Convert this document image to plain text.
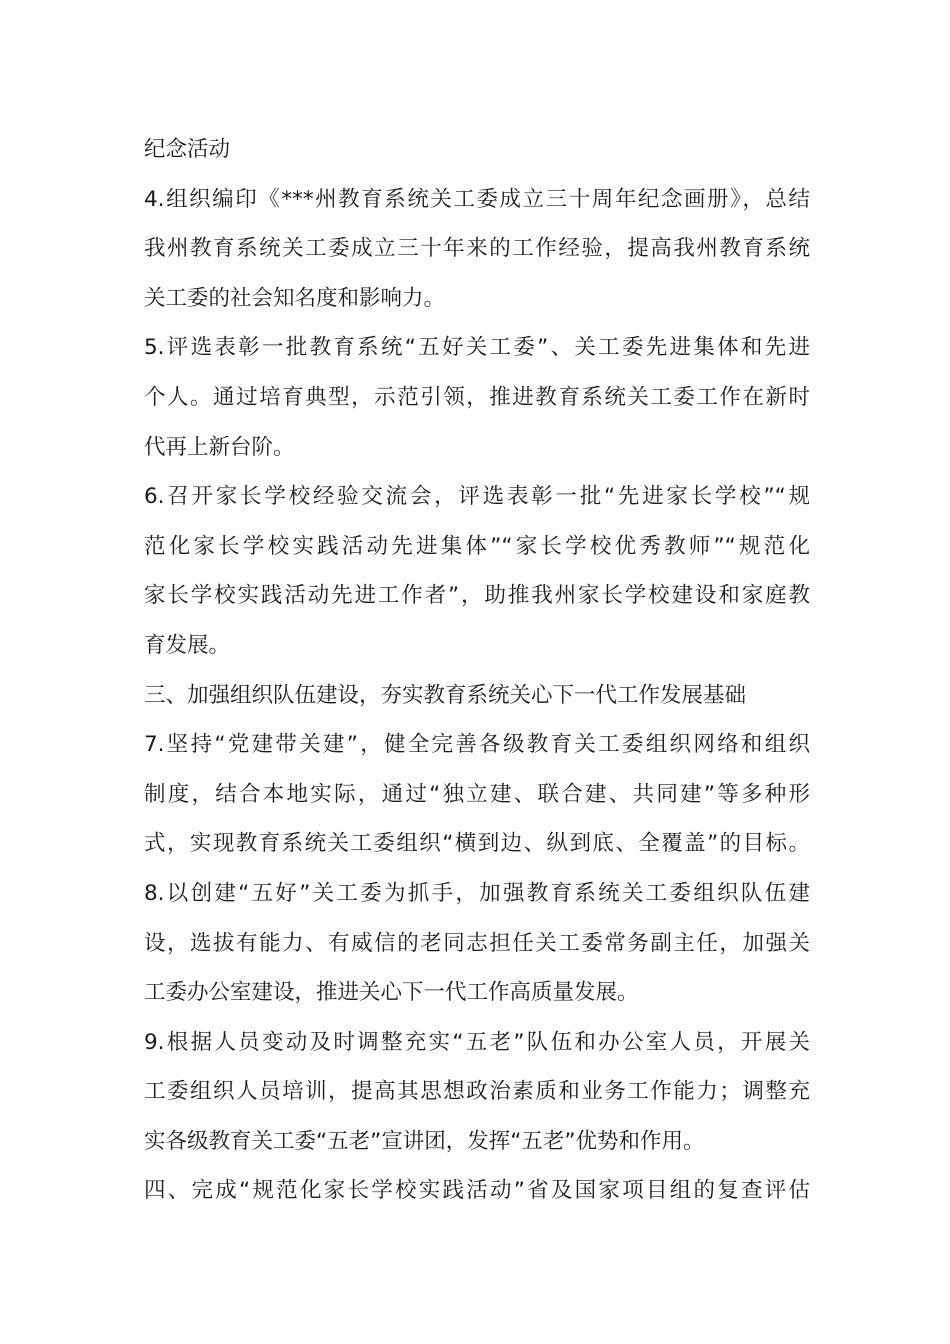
纪念活动
4.组织编印《***州教育系统关工委成立三十周年纪念画册》，总结
我州教育系统关工委成立三十年来的工作经验，提高我州教育系统
关工委的社会知名度和影响力。
5.评选表彰一批教育系统“五好关工委”、关工委先进集体和先进
个人。通过培育典型，示范引领，推进教育系统关工委工作在新时
代再上新台阶。
6.召开家长学校经验交流会，评选表彰一批“先进家长学校”“规
范化家长学校实践活动先进集体”“家长学校优秀教师”“规范化
家长学校实践活动先进工作者”，助推我州家长学校建设和家庭教
育发展。
三、加强组织队伍建设，夯实教育系统关心下一代工作发展基础
7.坚持“党建带关建”，健全完善各级教育关工委组织网络和组织
制度，结合本地实际，通过“独立建、联合建、共同建”等多种形
式，实现教育系统关工委组织“横到边、纵到底、全覆盖”的目标。
8.以创建“五好”关工委为抓手，加强教育系统关工委组织队伍建
设，选拔有能力、有威信的老同志担任关工委常务副主任，加强关
工委办公室建设，推进关心下一代工作高质量发展。
9.根据人员变动及时调整充实“五老”队伍和办公室人员，开展关
工委组织人员培训，提高其思想政治素质和业务工作能力；调整充
实各级教育关工委“五老”宣讲团，发挥“五老”优势和作用。
四、完成“规范化家长学校实践活动”省及国家项目组的复查评估
